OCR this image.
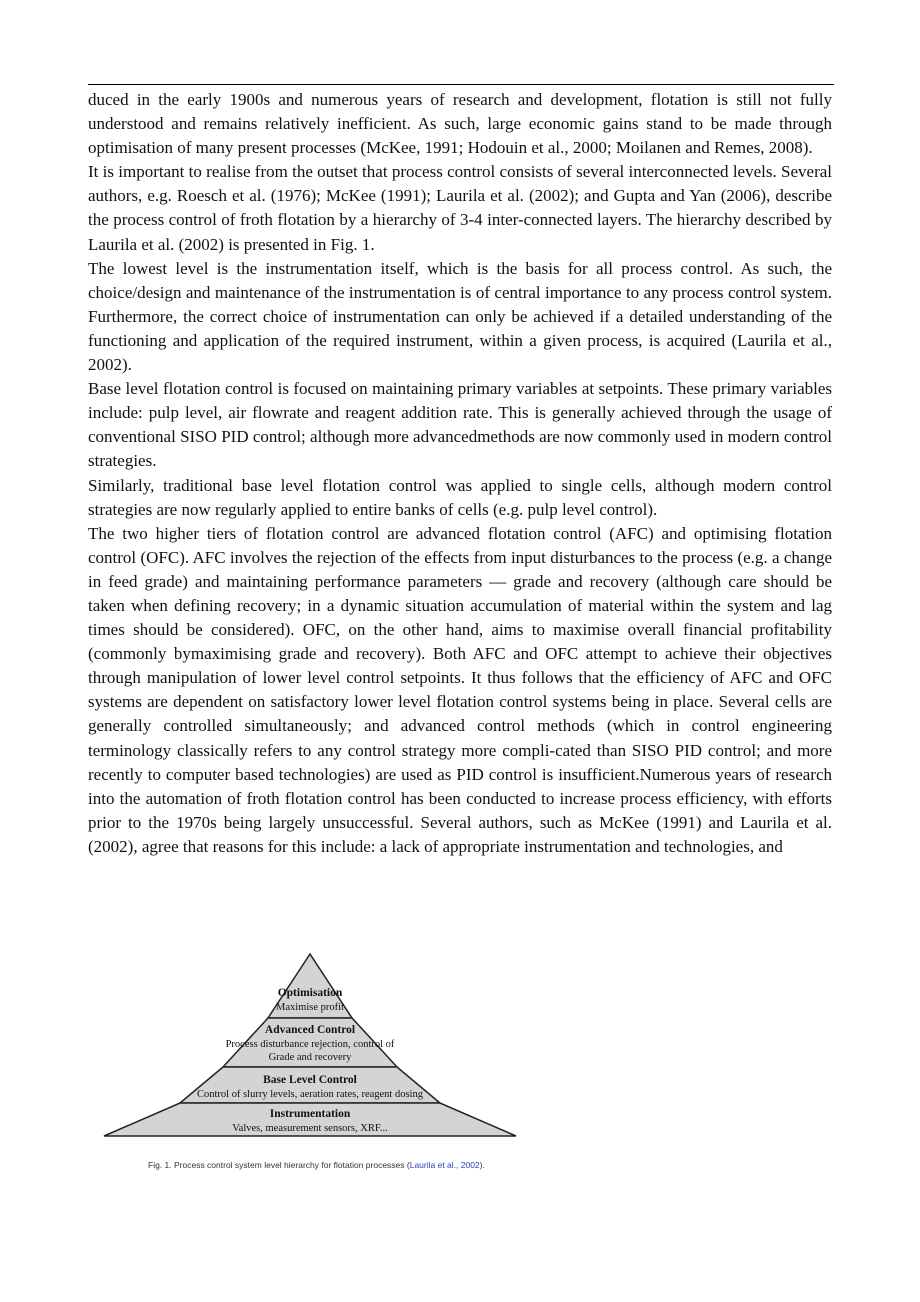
duced in the early 1900s and numerous years of research and development, flotation is still not fully understood and remains relatively inefficient. As such, large economic gains stand to be made through optimisation of many present processes (McKee, 1991; Hodouin et al., 2000; Moilanen and Remes, 2008).

It is important to realise from the outset that process control consists of several interconnected levels. Several authors, e.g. Roesch et al. (1976); McKee (1991); Laurila et al. (2002); and Gupta and Yan (2006), describe the process control of froth flotation by a hierarchy of 3-4 inter-connected layers. The hierarchy described by Laurila et al. (2002) is presented in Fig. 1.

The lowest level is the instrumentation itself, which is the basis for all process control. As such, the choice/design and maintenance of the instrumentation is of central importance to any process control system. Furthermore, the correct choice of instrumentation can only be achieved if a detailed understanding of the functioning and application of the required instrument, within a given process, is acquired (Laurila et al., 2002).

Base level flotation control is focused on maintaining primary variables at setpoints. These primary variables include: pulp level, air flowrate and reagent addition rate. This is generally achieved through the usage of conventional SISO PID control; although more advancedmethods are now commonly used in modern control strategies.

Similarly, traditional base level flotation control was applied to single cells, although modern control strategies are now regularly applied to entire banks of cells (e.g. pulp level control).

The two higher tiers of flotation control are advanced flotation control (AFC) and optimising flotation control (OFC). AFC involves the rejection of the effects from input disturbances to the process (e.g. a change in feed grade) and maintaining performance parameters — grade and recovery (although care should be taken when defining recovery; in a dynamic situation accumulation of material within the system and lag times should be considered). OFC, on the other hand, aims to maximise overall financial profitability (commonly bymaximising grade and recovery). Both AFC and OFC attempt to achieve their objectives through manipulation of lower level control setpoints. It thus follows that the efficiency of AFC and OFC systems are dependent on satisfactory lower level flotation control systems being in place. Several cells are generally controlled simultaneously; and advanced control methods (which in control engineering terminology classically refers to any control strategy more compli-cated than SISO PID control; and more recently to computer based technologies) are used as PID control is insufficient.Numerous years of research into the automation of froth flotation control has been conducted to increase process efficiency, with efforts prior to the 1970s being largely unsuccessful. Several authors, such as McKee (1991) and Laurila et al. (2002), agree that reasons for this include: a lack of appropriate instrumentation and technologies, and

Optimisation
Maximise profit
Advanced Control
Process disturbance rejection, control of
Grade and recovery
Base Level Control
Control of slurry levels, aeration rates, reagent dosing
Instrumentation
Valves, measurement sensors, XRF...
Fig. 1. Process control system level hierarchy for flotation processes (Laurila et al., 2002).
